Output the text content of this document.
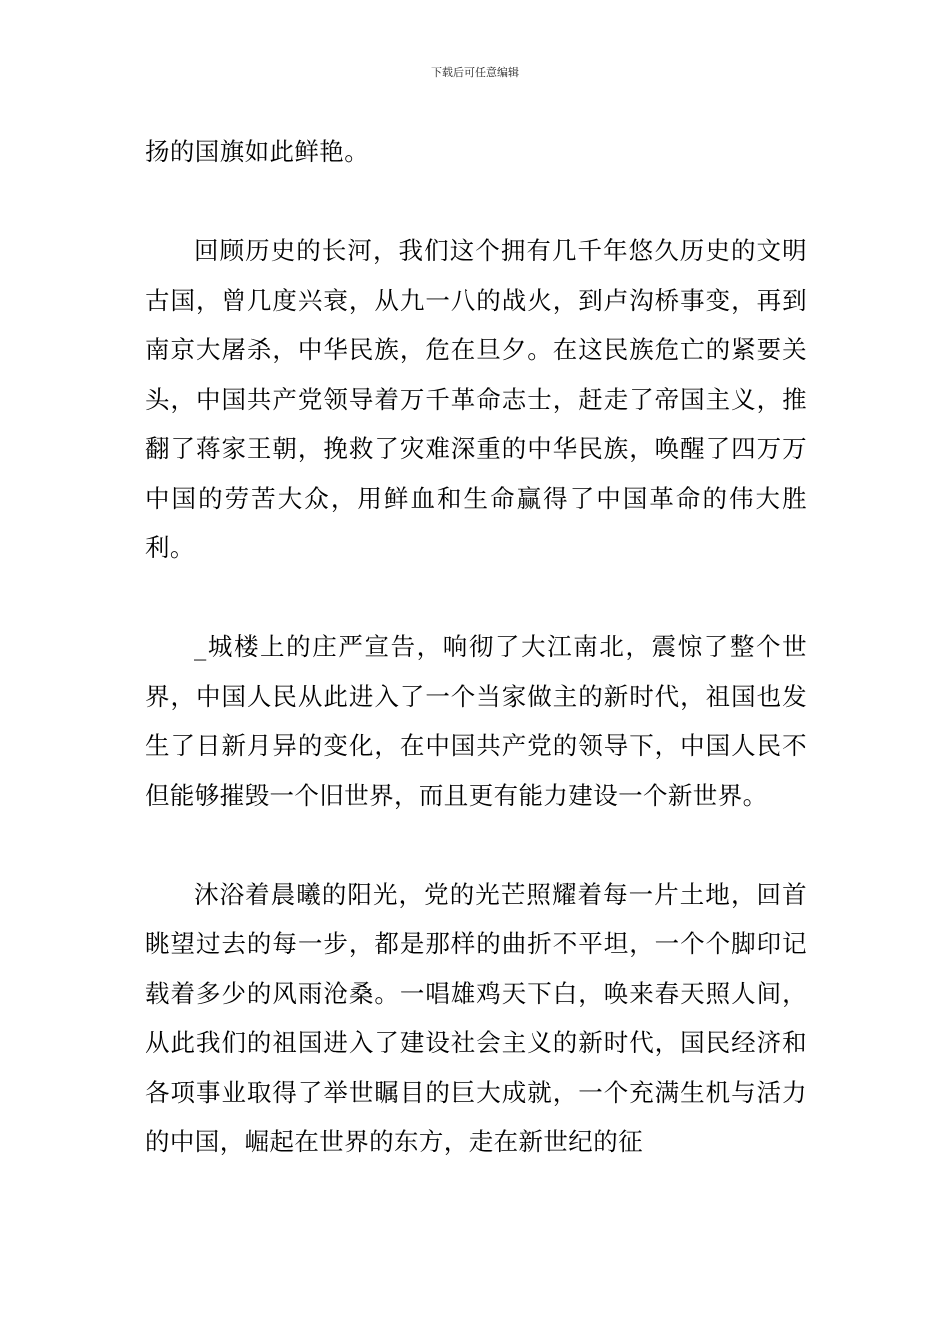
下载后可任意编辑

扬的国旗如此鲜艳。

回顾历史的长河，我们这个拥有几千年悠久历史的文明古国，曾几度兴衰，从九一八的战火，到卢沟桥事变，再到南京大屠杀，中华民族，危在旦夕。在这民族危亡的紧要关头，中国共产党领导着万千革命志士，赶走了帝国主义，推翻了蒋家王朝，挽救了灾难深重的中华民族，唤醒了四万万中国的劳苦大众，用鲜血和生命赢得了中国革命的伟大胜利。

_城楼上的庄严宣告，响彻了大江南北，震惊了整个世界，中国人民从此进入了一个当家做主的新时代，祖国也发生了日新月异的变化，在中国共产党的领导下，中国人民不但能够摧毁一个旧世界，而且更有能力建设一个新世界。

沐浴着晨曦的阳光，党的光芒照耀着每一片土地，回首眺望过去的每一步，都是那样的曲折不平坦，一个个脚印记载着多少的风雨沧桑。一唱雄鸡天下白，唤来春天照人间，从此我们的祖国进入了建设社会主义的新时代，国民经济和各项事业取得了举世瞩目的巨大成就，一个充满生机与活力的中国，崛起在世界的东方，走在新世纪的征
